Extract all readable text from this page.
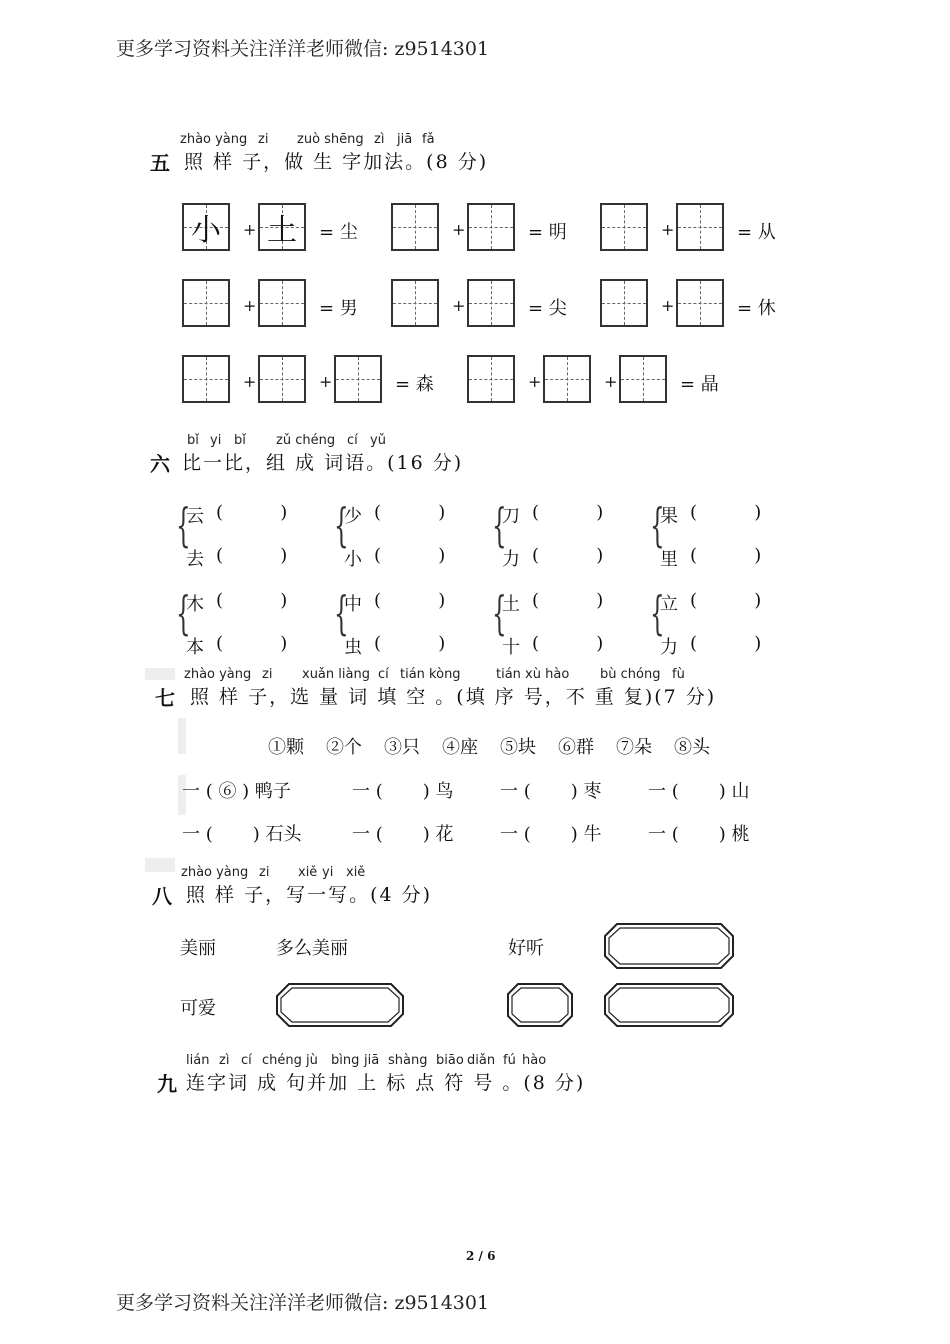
更多学习资料关注洋洋老师微信: z9514301
zhào yàng zi zuò shēng zì jiā fǎ
五 照 样 子，做 生 字加法。(8 分)
小	+ 土	= 尘	+	= 明	+	= 从
+	= 男	+	= 尖	+	= 休
+	+	= 森	+	+	= 晶
bǐ yi bǐ zǔ chéng cí yǔ
六 比一比，组 成 词语。(16 分)
{
云 (          )
去 (          )
{
少 (          )
小 (          )
{
刀 (          )
力 (          )
{
果 (          )
里 (          )
{
木 (          )
本 (          )
{
中 (          )
虫 (          )
{
土 (          )
十 (          )
{
立 (          )
力 (          )
zhào yàng zi xuǎn liàng cí tián kòng	tián xù hào bù chóng fù
七 照 样 子，选 量 词 填 空 。(填 序 号，不 重 复)(7 分)
①颗 ②个 ③只 ④座 ⑤块 ⑥群 ⑦朵 ⑧头
一 ( ⑥ ) 鸭子	一 (       ) 鸟	一 (       ) 枣	一 (       ) 山
一 (       ) 石头	一 (       ) 花	一 (       ) 牛	一 (       ) 桃
zhào yàng zi xiě yi xiě
八 照 样 子，写一写。(4 分)
美丽	多么美丽	好听
可爱
lián zì cí chéng jù bìng jiā shàng biāo diǎn fú hào
九 连字词 成 句并加 上 标 点 符 号 。(8 分)
2 / 6
更多学习资料关注洋洋老师微信: z9514301
